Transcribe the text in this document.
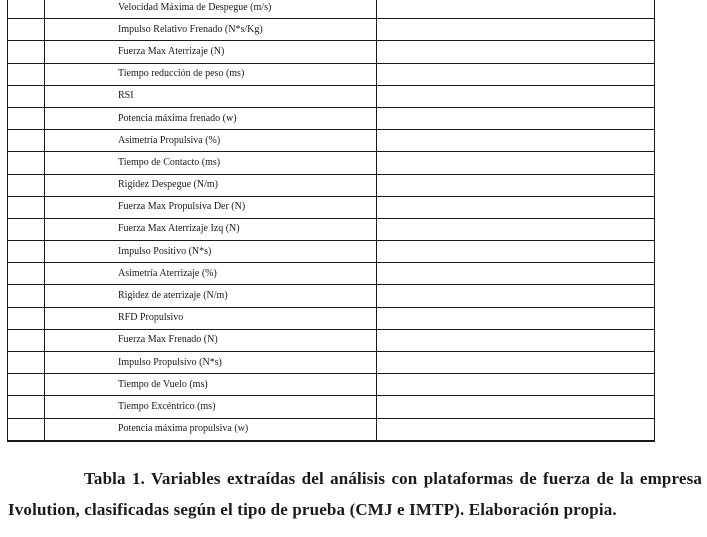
	Velocidad Máxima de Despegue (m/s)	
	Impulso Relativo Frenado (N*s/Kg)	
	Fuerza Max Aterrizaje (N)	
	Tiempo reducción de peso (ms)	
	RSI	
	Potencia máxima frenado (w)	
	Asimetría Propulsiva (%)	
	Tiempo de Contacto (ms)	
	Rigidez Despegue (N/m)	
	Fuerza Max Propulsiva Der (N)	
	Fuerza Max Aterrizaje Izq (N)	
	Impulso Positivo (N*s)	
	Asimetría Aterrizaje (%)	
	Rigidez de aterrizaje (N/m)	
	RFD Propulsivo	
	Fuerza Max Frenado (N)	
	Impulso Propulsivo (N*s)	
	Tiempo de Vuelo (ms)	
	Tiempo Excéntrico (ms)	
	Potencia máxima propulsiva (w)	

Tabla 1. Variables extraídas del análisis con plataformas de fuerza de la empresa Ivolution, clasificadas según el tipo de prueba (CMJ e IMTP). Elaboración propia.
